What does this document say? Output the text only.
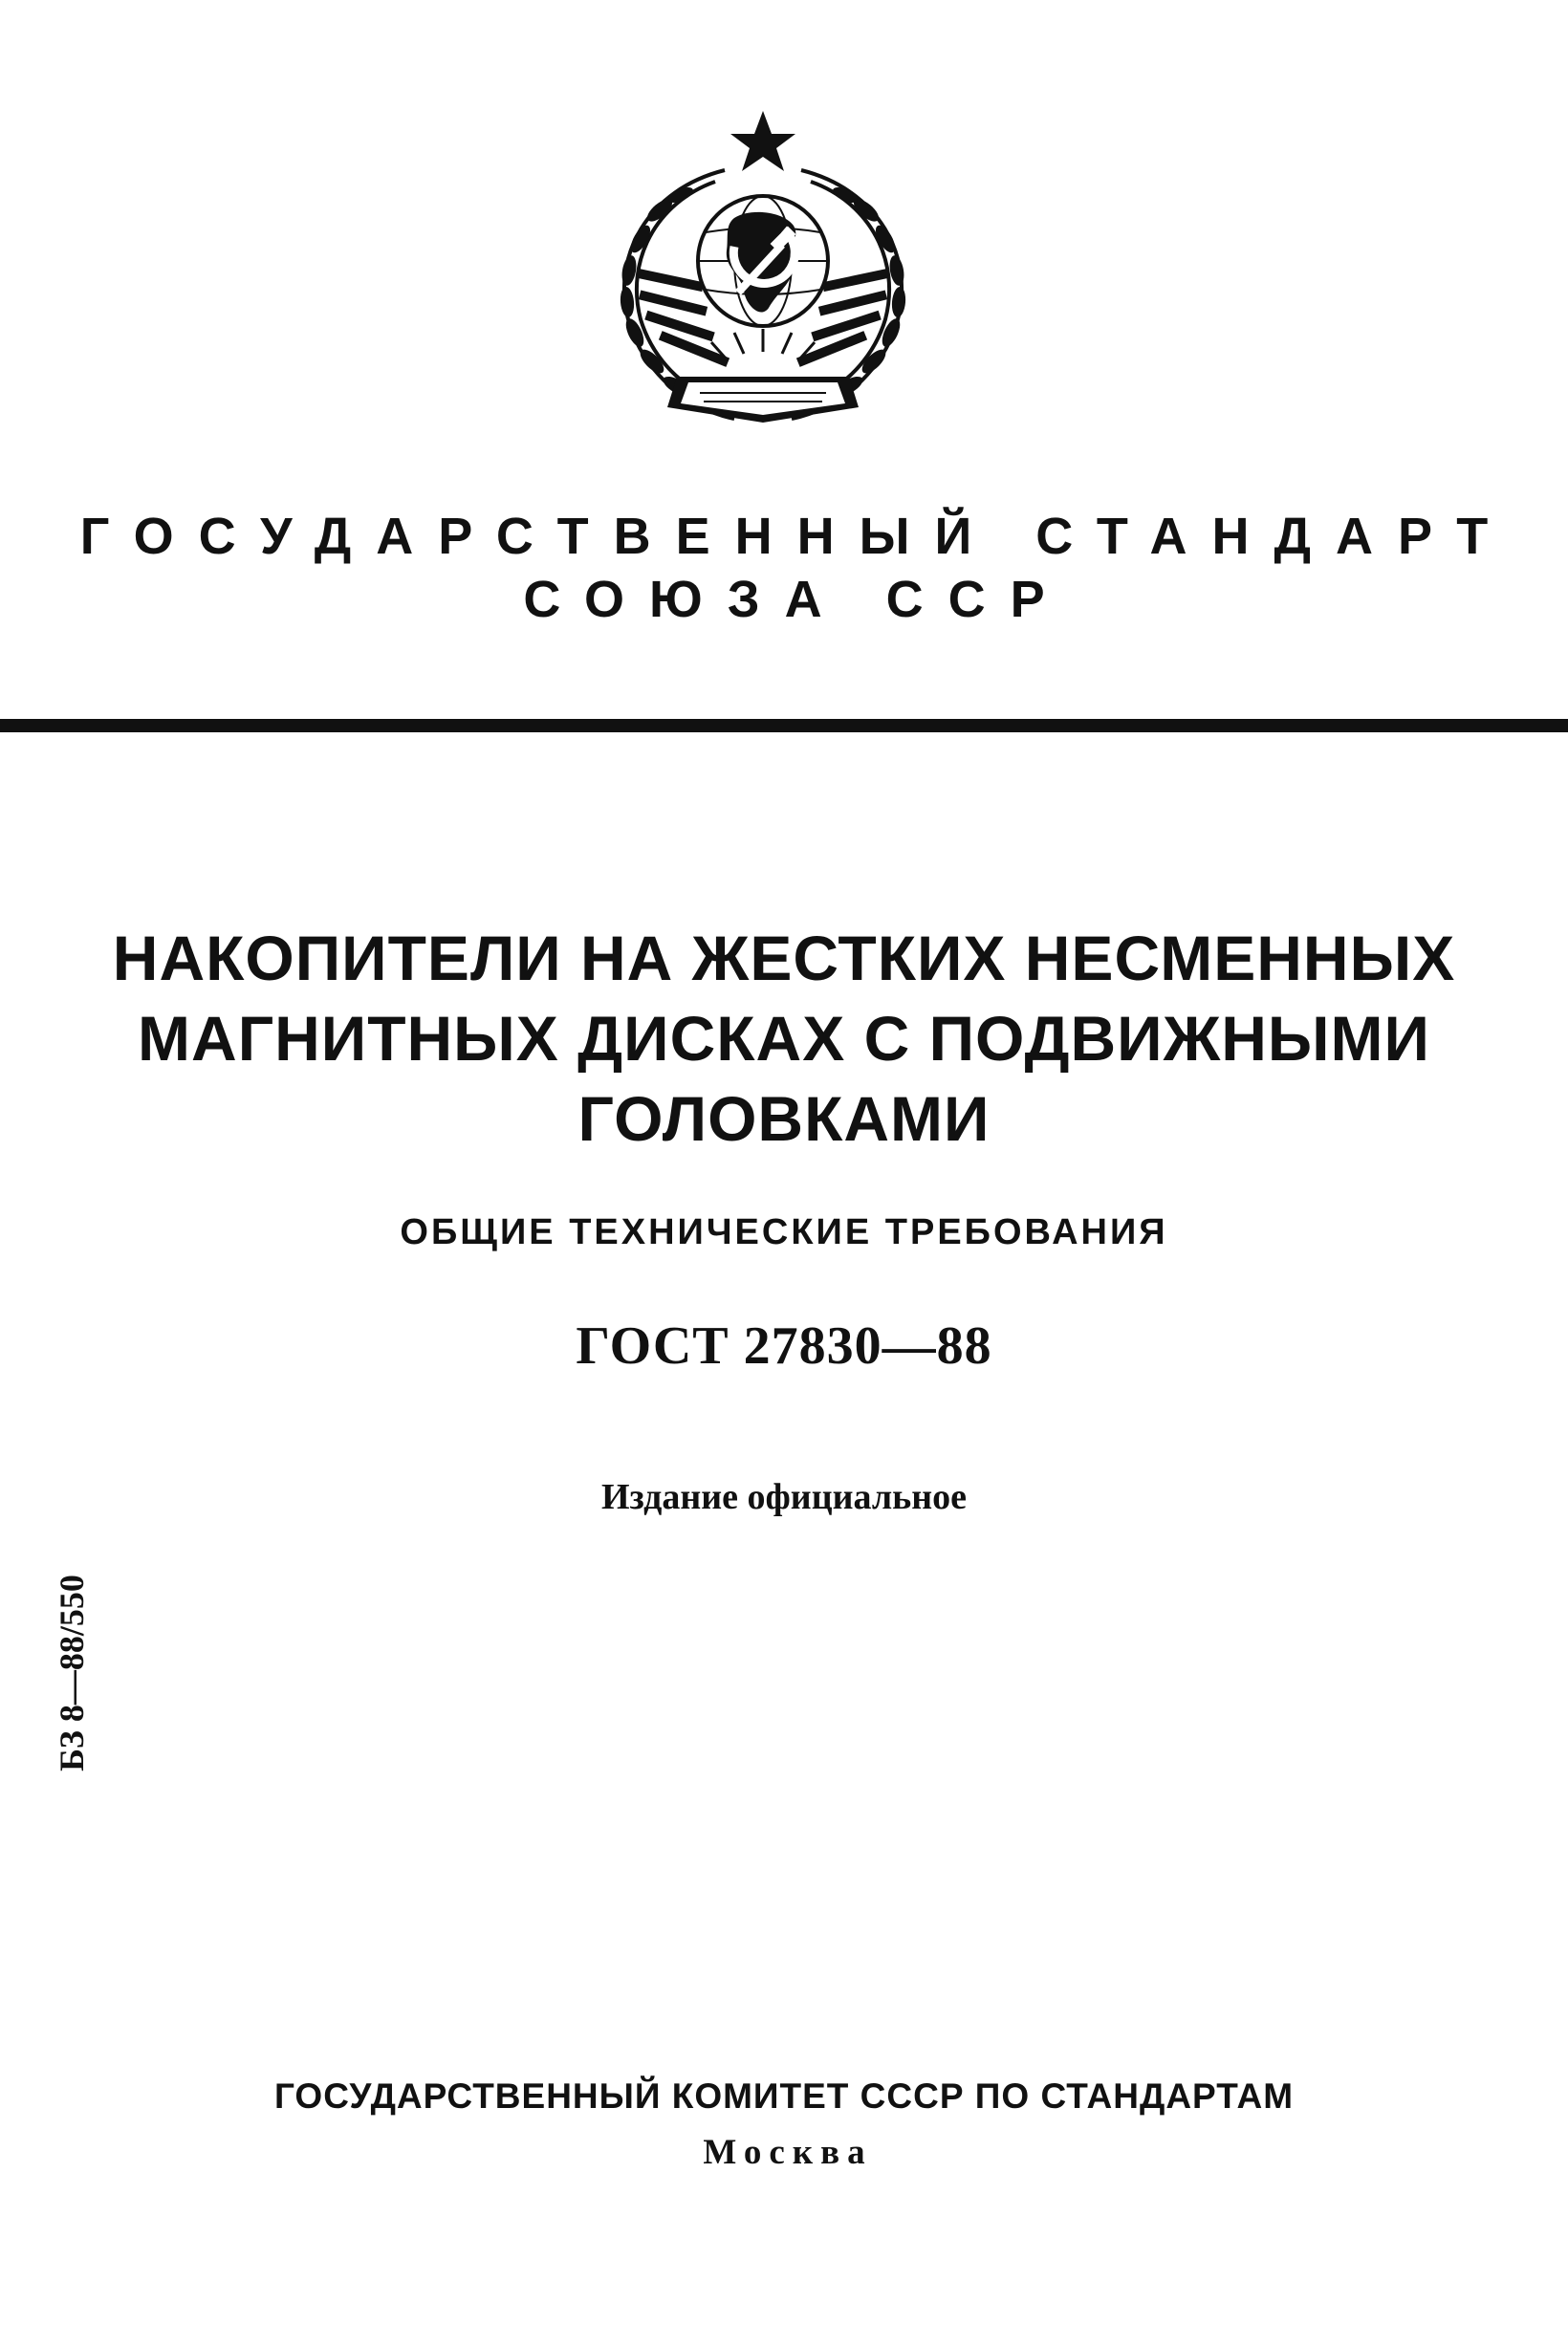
ГОСУДАРСТВЕННЫЙ СТАНДАРТ
СОЮЗА ССР
НАКОПИТЕЛИ НА ЖЕСТКИХ НЕСМЕННЫХ
МАГНИТНЫХ ДИСКАХ С ПОДВИЖНЫМИ
ГОЛОВКАМИ
ОБЩИЕ ТЕХНИЧЕСКИЕ ТРЕБОВАНИЯ
ГОСТ 27830—88
Издание официальное
БЗ 8—88/550
ГОСУДАРСТВЕННЫЙ КОМИТЕТ СССР ПО СТАНДАРТАМ
Москва
